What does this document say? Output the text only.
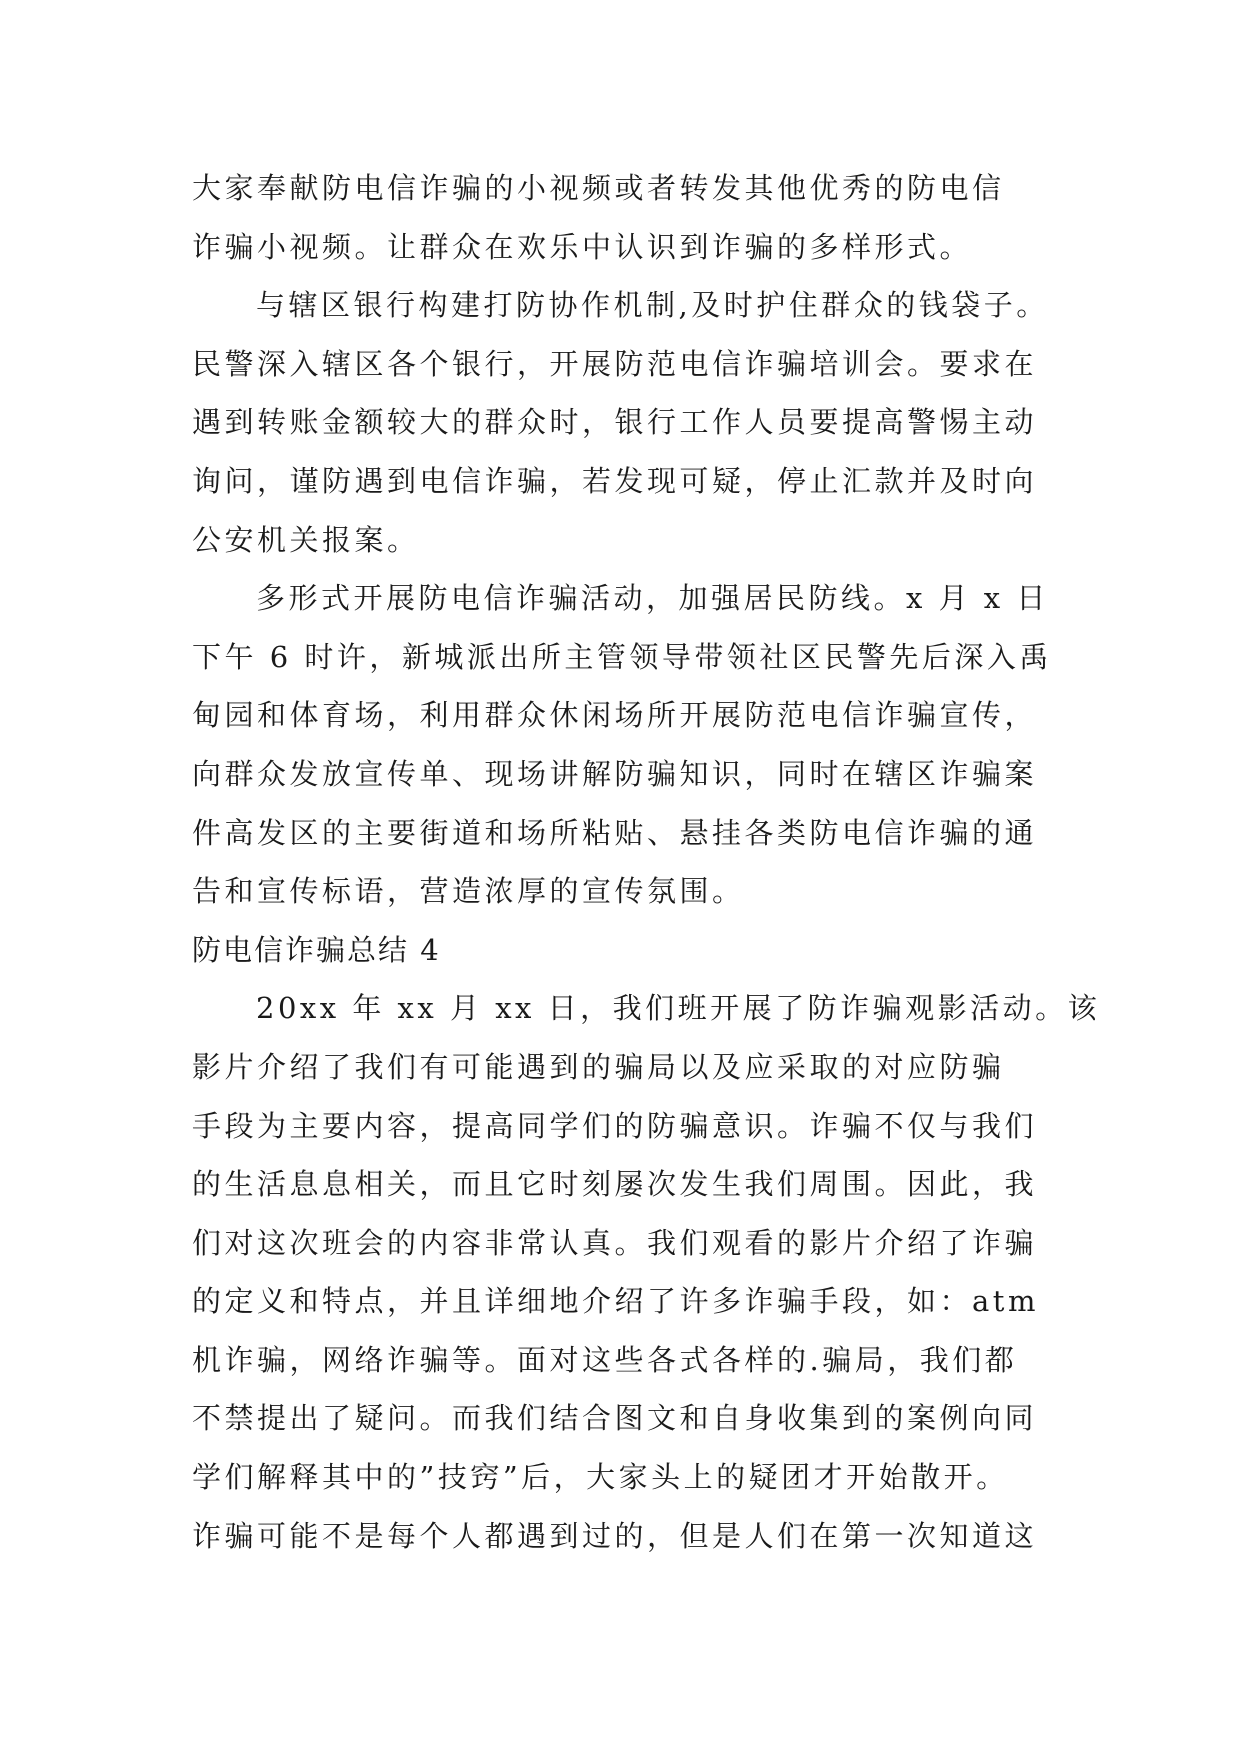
大家奉献防电信诈骗的小视频或者转发其他优秀的防电信
诈骗小视频。让群众在欢乐中认识到诈骗的多样形式。
与辖区银行构建打防协作机制,及时护住群众的钱袋子。
民警深入辖区各个银行，开展防范电信诈骗培训会。要求在
遇到转账金额较大的群众时，银行工作人员要提高警惕主动
询问，谨防遇到电信诈骗，若发现可疑，停止汇款并及时向
公安机关报案。
多形式开展防电信诈骗活动，加强居民防线。x 月 x 日
下午 6 时许，新城派出所主管领导带领社区民警先后深入禹
甸园和体育场，利用群众休闲场所开展防范电信诈骗宣传，
向群众发放宣传单、现场讲解防骗知识，同时在辖区诈骗案
件高发区的主要街道和场所粘贴、悬挂各类防电信诈骗的通
告和宣传标语，营造浓厚的宣传氛围。
防电信诈骗总结 4
20xx 年 xx 月 xx 日，我们班开展了防诈骗观影活动。该
影片介绍了我们有可能遇到的骗局以及应采取的对应防骗
手段为主要内容，提高同学们的防骗意识。诈骗不仅与我们
的生活息息相关，而且它时刻屡次发生我们周围。因此，我
们对这次班会的内容非常认真。我们观看的影片介绍了诈骗
的定义和特点，并且详细地介绍了许多诈骗手段，如：atm
机诈骗，网络诈骗等。面对这些各式各样的.骗局，我们都
不禁提出了疑问。而我们结合图文和自身收集到的案例向同
学们解释其中的”技窍”后，大家头上的疑团才开始散开。
诈骗可能不是每个人都遇到过的，但是人们在第一次知道这
